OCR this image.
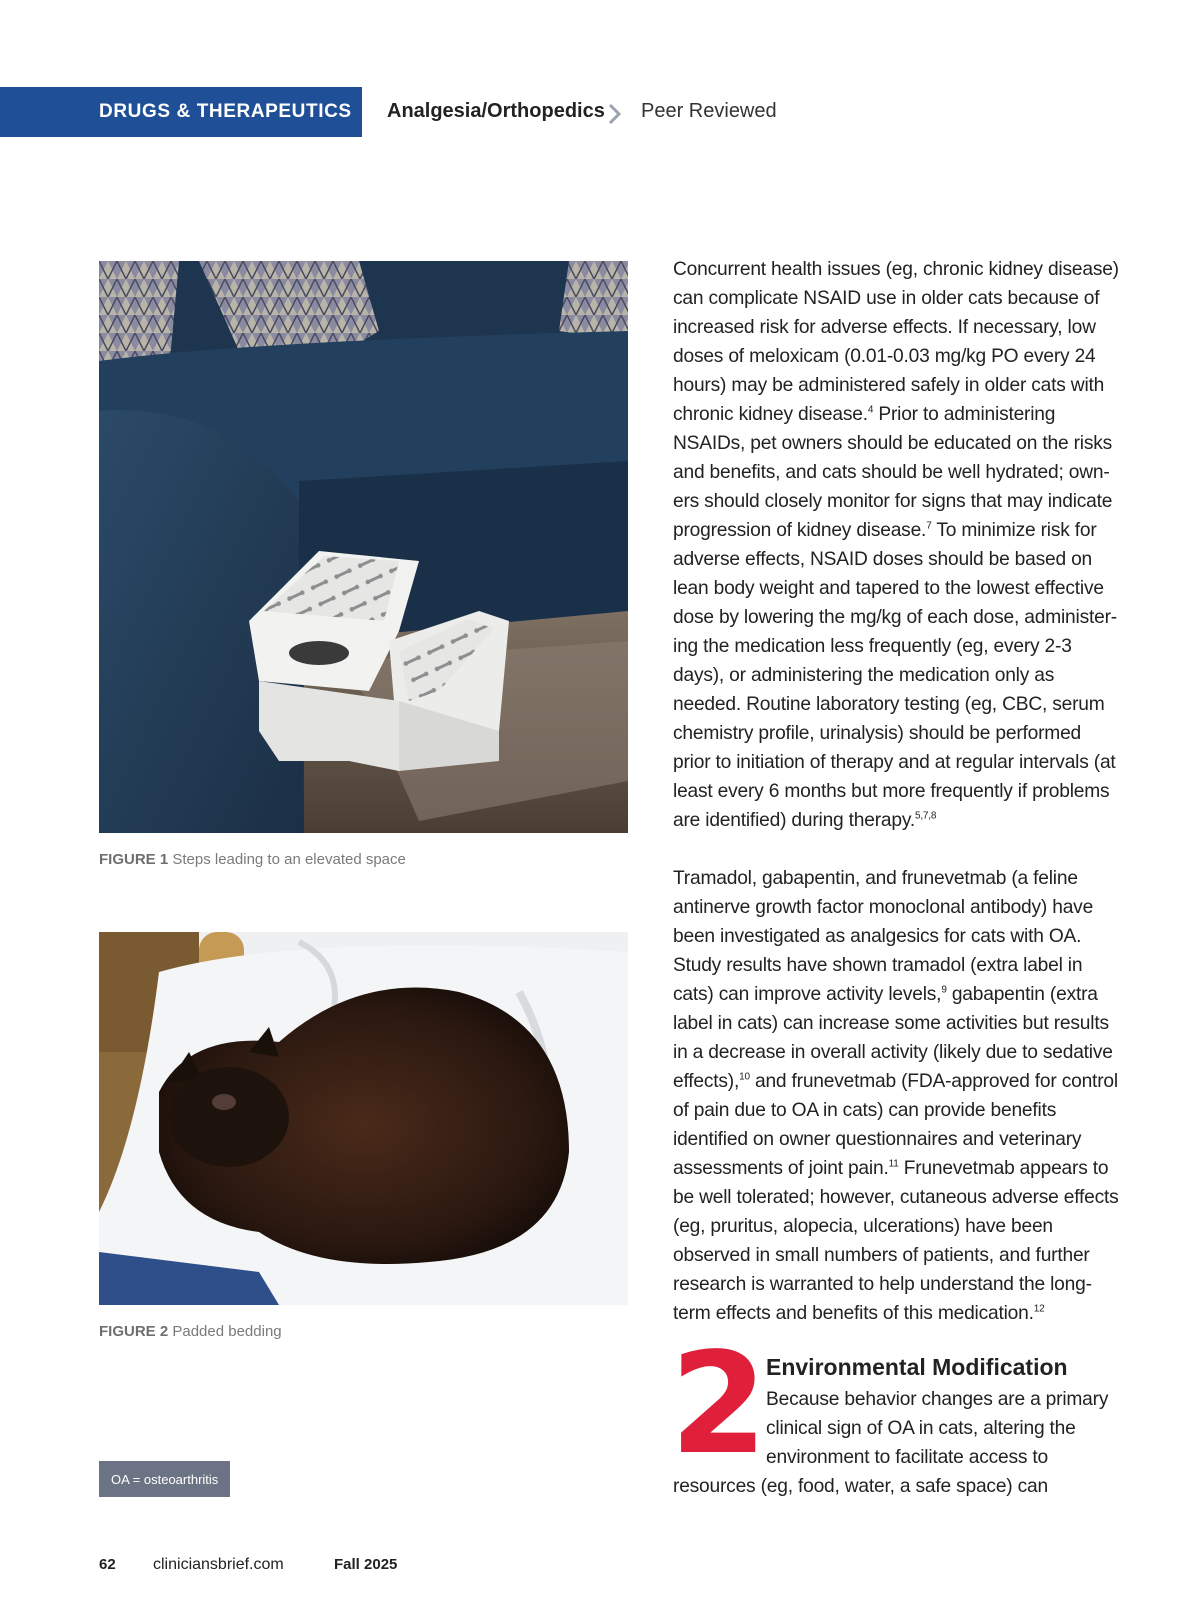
DRUGS & THERAPEUTICS	Analgesia/Orthopedics Peer Reviewed
FIGURE 1 Steps leading to an elevated space
FIGURE 2 Padded bedding
OA = osteoarthritis

Concurrent health issues (eg, chronic kidney disease) can complicate NSAID use in older cats because of increased risk for adverse effects. If necessary, low doses of meloxicam (0.01-0.03 mg/kg PO every 24 hours) may be administered safely in older cats with chronic kidney disease.$^4$ Prior to administering NSAIDs, pet owners should be educated on the risks and benefits, and cats should be well hydrated; owners should closely monitor for signs that may indicate progression of kidney disease.$^7$ To minimize risk for adverse effects, NSAID doses should be based on lean body weight and tapered to the lowest effective dose by lowering the mg/kg of each dose, administering the medication less frequently (eg, every 2-3 days), or administering the medication only as needed. Routine laboratory testing (eg, CBC, serum chemistry profile, urinalysis) should be performed prior to initiation of therapy and at regular intervals (at least every 6 months but more frequently if problems are identified) during therapy.$^{5,7,8}$

Tramadol, gabapentin, and frunevetmab (a feline antinerve growth factor monoclonal antibody) have been investigated as analgesics for cats with OA. Study results have shown tramadol (extra label in cats) can improve activity levels,$^9$ gabapentin (extra label in cats) can increase some activities but results in a decrease in overall activity (likely due to sedative effects),$^{10}$ and frunevetmab (FDA-approved for control of pain due to OA in cats) can provide benefits identified on owner questionnaires and veterinary assessments of joint pain.$^{11}$ Frunevetmab appears to be well tolerated; however, cutaneous adverse effects (eg, pruritus, alopecia, ulcerations) have been observed in small numbers of patients, and further research is warranted to help understand the long-term effects and benefits of this medication.$^{12}$

2
Environmental Modification
Because behavior changes are a primary clinical sign of OA in cats, altering the environment to facilitate access to
resources (eg, food, water, a safe space) can
62 cliniciansbrief.com	Fall 2025
